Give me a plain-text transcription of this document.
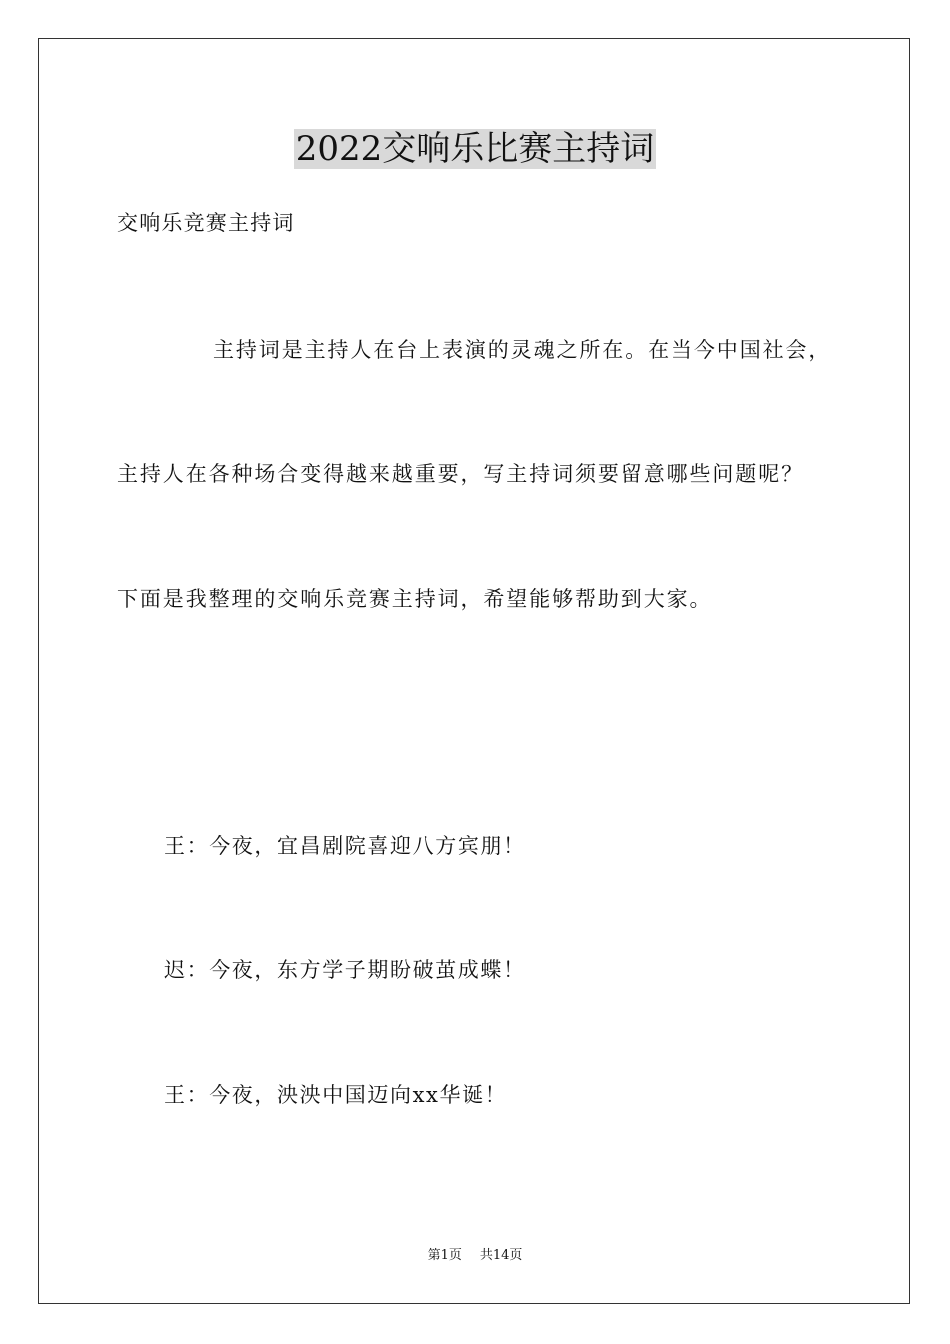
2022交响乐比赛主持词
交响乐竞赛主持词
主持词是主持人在台上表演的灵魂之所在。在当今中国社会，
主持人在各种场合变得越来越重要，写主持词须要留意哪些问题呢？
下面是我整理的交响乐竞赛主持词，希望能够帮助到大家。
王：今夜，宜昌剧院喜迎八方宾朋！
迟：今夜，东方学子期盼破茧成蝶！
王：今夜，泱泱中国迈向xx华诞！
第1页 共14页
